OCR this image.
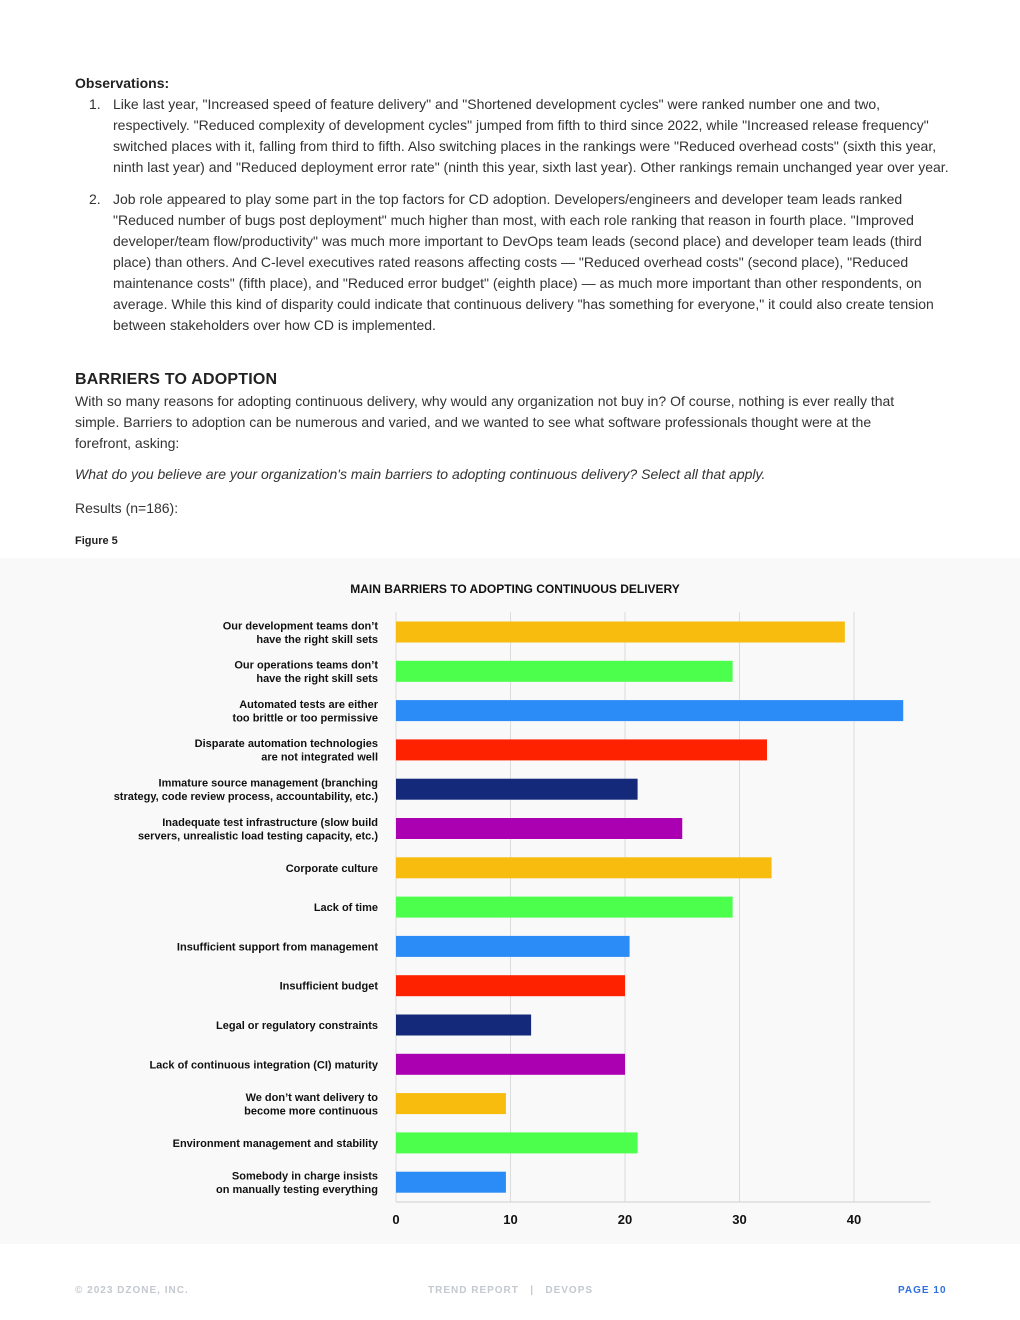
Observations:
1. Like last year, "Increased speed of feature delivery" and "Shortened development cycles" were ranked number one and two, respectively. "Reduced complexity of development cycles" jumped from fifth to third since 2022, while "Increased release frequency" switched places with it, falling from third to fifth. Also switching places in the rankings were "Reduced overhead costs" (sixth this year, ninth last year) and "Reduced deployment error rate" (ninth this year, sixth last year). Other rankings remain unchanged year over year.
2. Job role appeared to play some part in the top factors for CD adoption. Developers/engineers and developer team leads ranked "Reduced number of bugs post deployment" much higher than most, with each role ranking that reason in fourth place. "Improved developer/team flow/productivity" was much more important to DevOps team leads (second place) and developer team leads (third place) than others. And C-level executives rated reasons affecting costs — "Reduced overhead costs" (second place), "Reduced maintenance costs" (fifth place), and "Reduced error budget" (eighth place) — as much more important than other respondents, on average. While this kind of disparity could indicate that continuous delivery "has something for everyone," it could also create tension between stakeholders over how CD is implemented.
BARRIERS TO ADOPTION

With so many reasons for adopting continuous delivery, why would any organization not buy in? Of course, nothing is ever really that simple. Barriers to adoption can be numerous and varied, and we wanted to see what software professionals thought were at the forefront, asking:

What do you believe are your organization's main barriers to adopting continuous delivery? Select all that apply.

Results (n=186):

Figure 5
MAIN BARRIERS TO ADOPTING CONTINUOUS DELIVERY
0	10	20	30	40
Our development teams don’t have the right skill sets
Our operations teams don’t have the right skill sets
Automated tests are either too brittle or too permissive
Disparate automation technologies are not integrated well
Immature source management (branching strategy, code review process, accountability, etc.)
Inadequate test infrastructure (slow build servers, unrealistic load testing capacity, etc.)
Corporate culture
Lack of time
Insufficient support from management
Insufficient budget
Legal or regulatory constraints
Lack of continuous integration (CI) maturity
We don’t want delivery to become more continuous
Environment management and stability
Somebody in charge insists on manually testing everything
© 2023 DZONE, INC.	TREND REPORT   |   DEVOPS	PAGE 10
